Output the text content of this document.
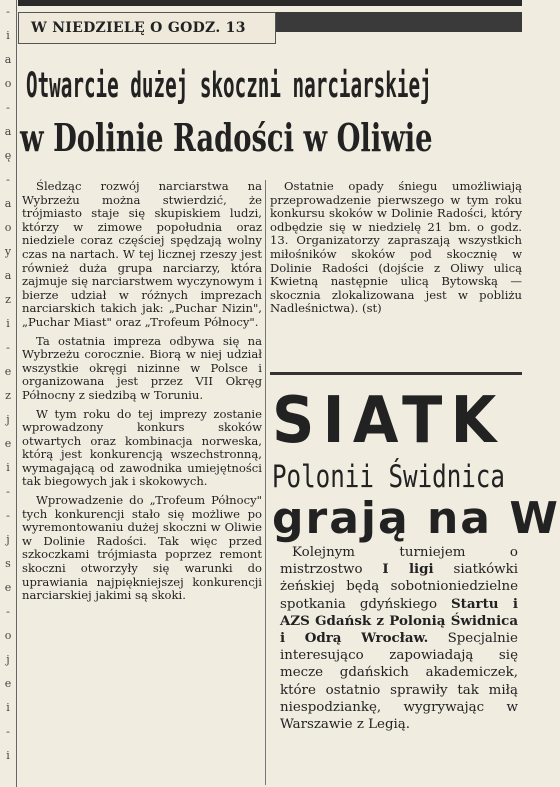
-
i
a
o
-
a
ę
-
a
o
y
a
z
i
-
e
z
j
e
i
-
-
j
s
e
-
o
j
e
i
-
i
W NIEDZIELĘ O GODZ. 13
Otwarcie dużej skoczni narciarskiej
w Dolinie Radości w Oliwie

Śledząc rozwój narciarstwa na Wybrzeżu można stwierdzić, że trójmiasto staje się skupiskiem ludzi, którzy w zimowe popołudnia oraz niedziele coraz częściej spędzają wolny czas na nartach. W tej licznej rzeszy jest również duża grupa narciarzy, która zajmuje się narciarstwem wyczynowym i bierze udział w różnych imprezach narciarskich takich jak: „Puchar Nizin", „Puchar Miast" oraz „Trofeum Północy".

Ta ostatnia impreza odbywa się na Wybrzeżu corocznie. Biorą w niej udział wszystkie okręgi nizinne w Polsce i organizowana jest przez VII Okręg Północny z siedzibą w Toruniu.

W tym roku do tej imprezy zostanie wprowadzony konkurs skoków otwartych oraz kombinacja norweska, którą jest konkurencją wszechstronną, wymagającą od zawodnika umiejętności tak biegowych jak i skokowych.

Wprowadzenie do „Trofeum Północy" tych konkurencji stało się możliwe po wyremontowaniu dużej skoczni w Oliwie w Dolinie Radości. Tak więc przed szkoczkami trójmiasta poprzez remont skoczni otworzyły się warunki do uprawiania najpiękniejszej konkurencji narciarskiej jakimi są skoki.

Ostatnie opady śniegu umożliwiają przeprowadzenie pierwszego w tym roku konkursu skoków w Dolinie Radości, który odbędzie się w niedzielę 21 bm. o godz. 13. Organizatorzy zapraszają wszystkich miłośników skoków pod skocznię w Dolinie Radości (dojście z Oliwy ulicą Kwietną następnie ulicą Bytowską — skocznia zlokalizowana jest w pobliżu Nadleśnictwa). (st)

SIATK
Polonii Świdnica
grają na W

Kolejnym turniejem o mistrzostwo I ligi siatkówki żeńskiej będą sobotnioniedzielne spotkania gdyńskiego Startu i AZS Gdańsk z Polonią Świdnica i Odrą Wrocław. Specjalnie interesująco zapowiadają się mecze gdańskich akademiczek, które ostatnio sprawiły tak miłą niespodziankę, wygrywając w Warszawie z Legią.
